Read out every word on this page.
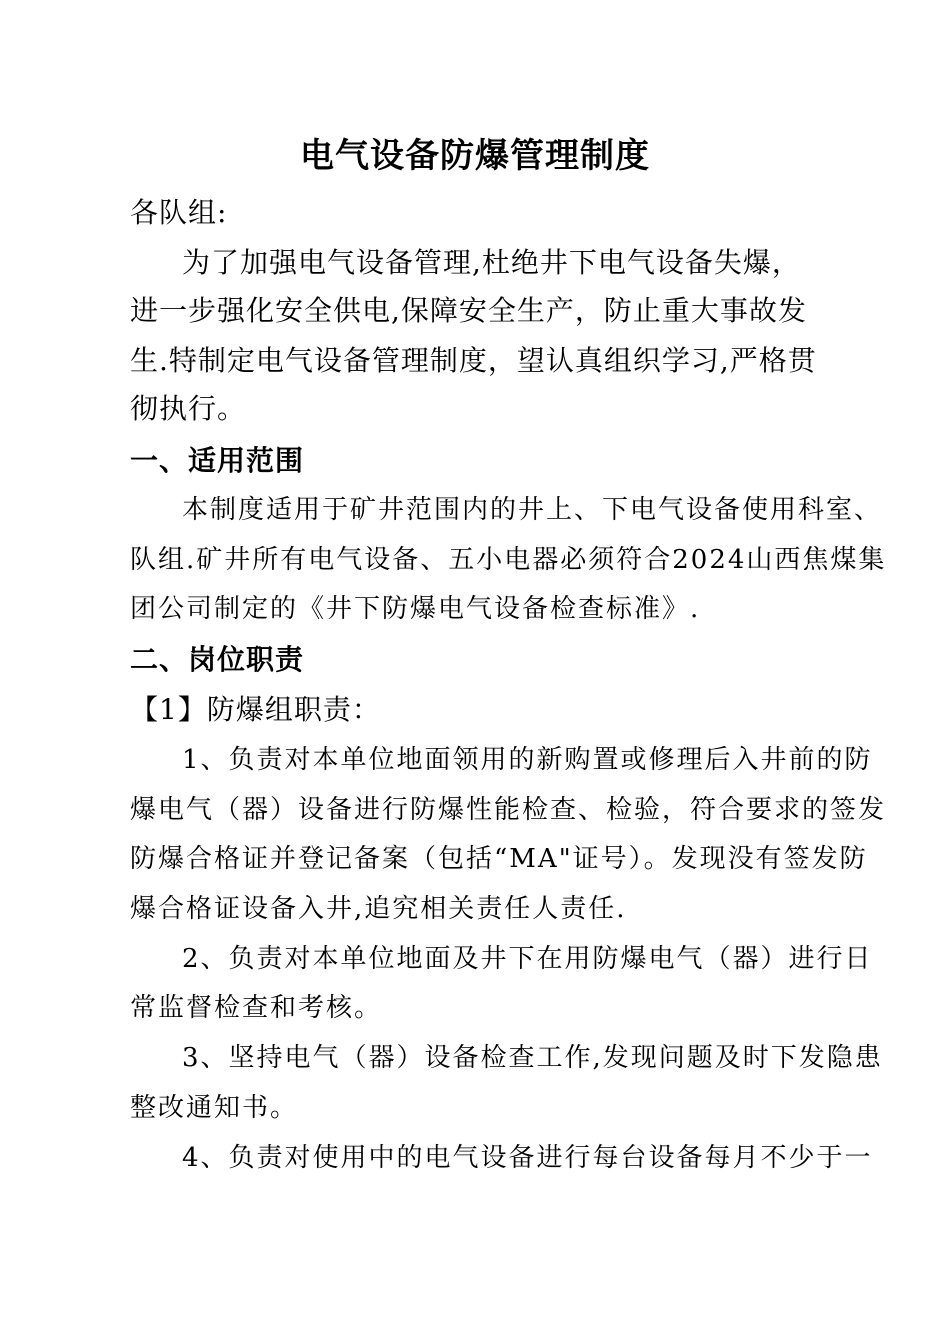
电气设备防爆管理制度
各队组:
为了加强电气设备管理,杜绝井下电气设备失爆，
进一步强化安全供电,保障安全生产，防止重大事故发
生.特制定电气设备管理制度，望认真组织学习,严格贯
彻执行。
一、适用范围
本制度适用于矿井范围内的井上、下电气设备使用科室、
队组.矿井所有电气设备、五小电器必须符合2024山西焦煤集
团公司制定的《井下防爆电气设备检查标准》.
二、岗位职责
【1】防爆组职责：
1、负责对本单位地面领用的新购置或修理后入井前的防
爆电气（器）设备进行防爆性能检查、检验，符合要求的签发
防爆合格证并登记备案（包括“MA"证号）。发现没有签发防
爆合格证设备入井,追究相关责任人责任.
2、负责对本单位地面及井下在用防爆电气（器）进行日
常监督检查和考核。
3、坚持电气（器）设备检查工作,发现问题及时下发隐患
整改通知书。
4、负责对使用中的电气设备进行每台设备每月不少于一
